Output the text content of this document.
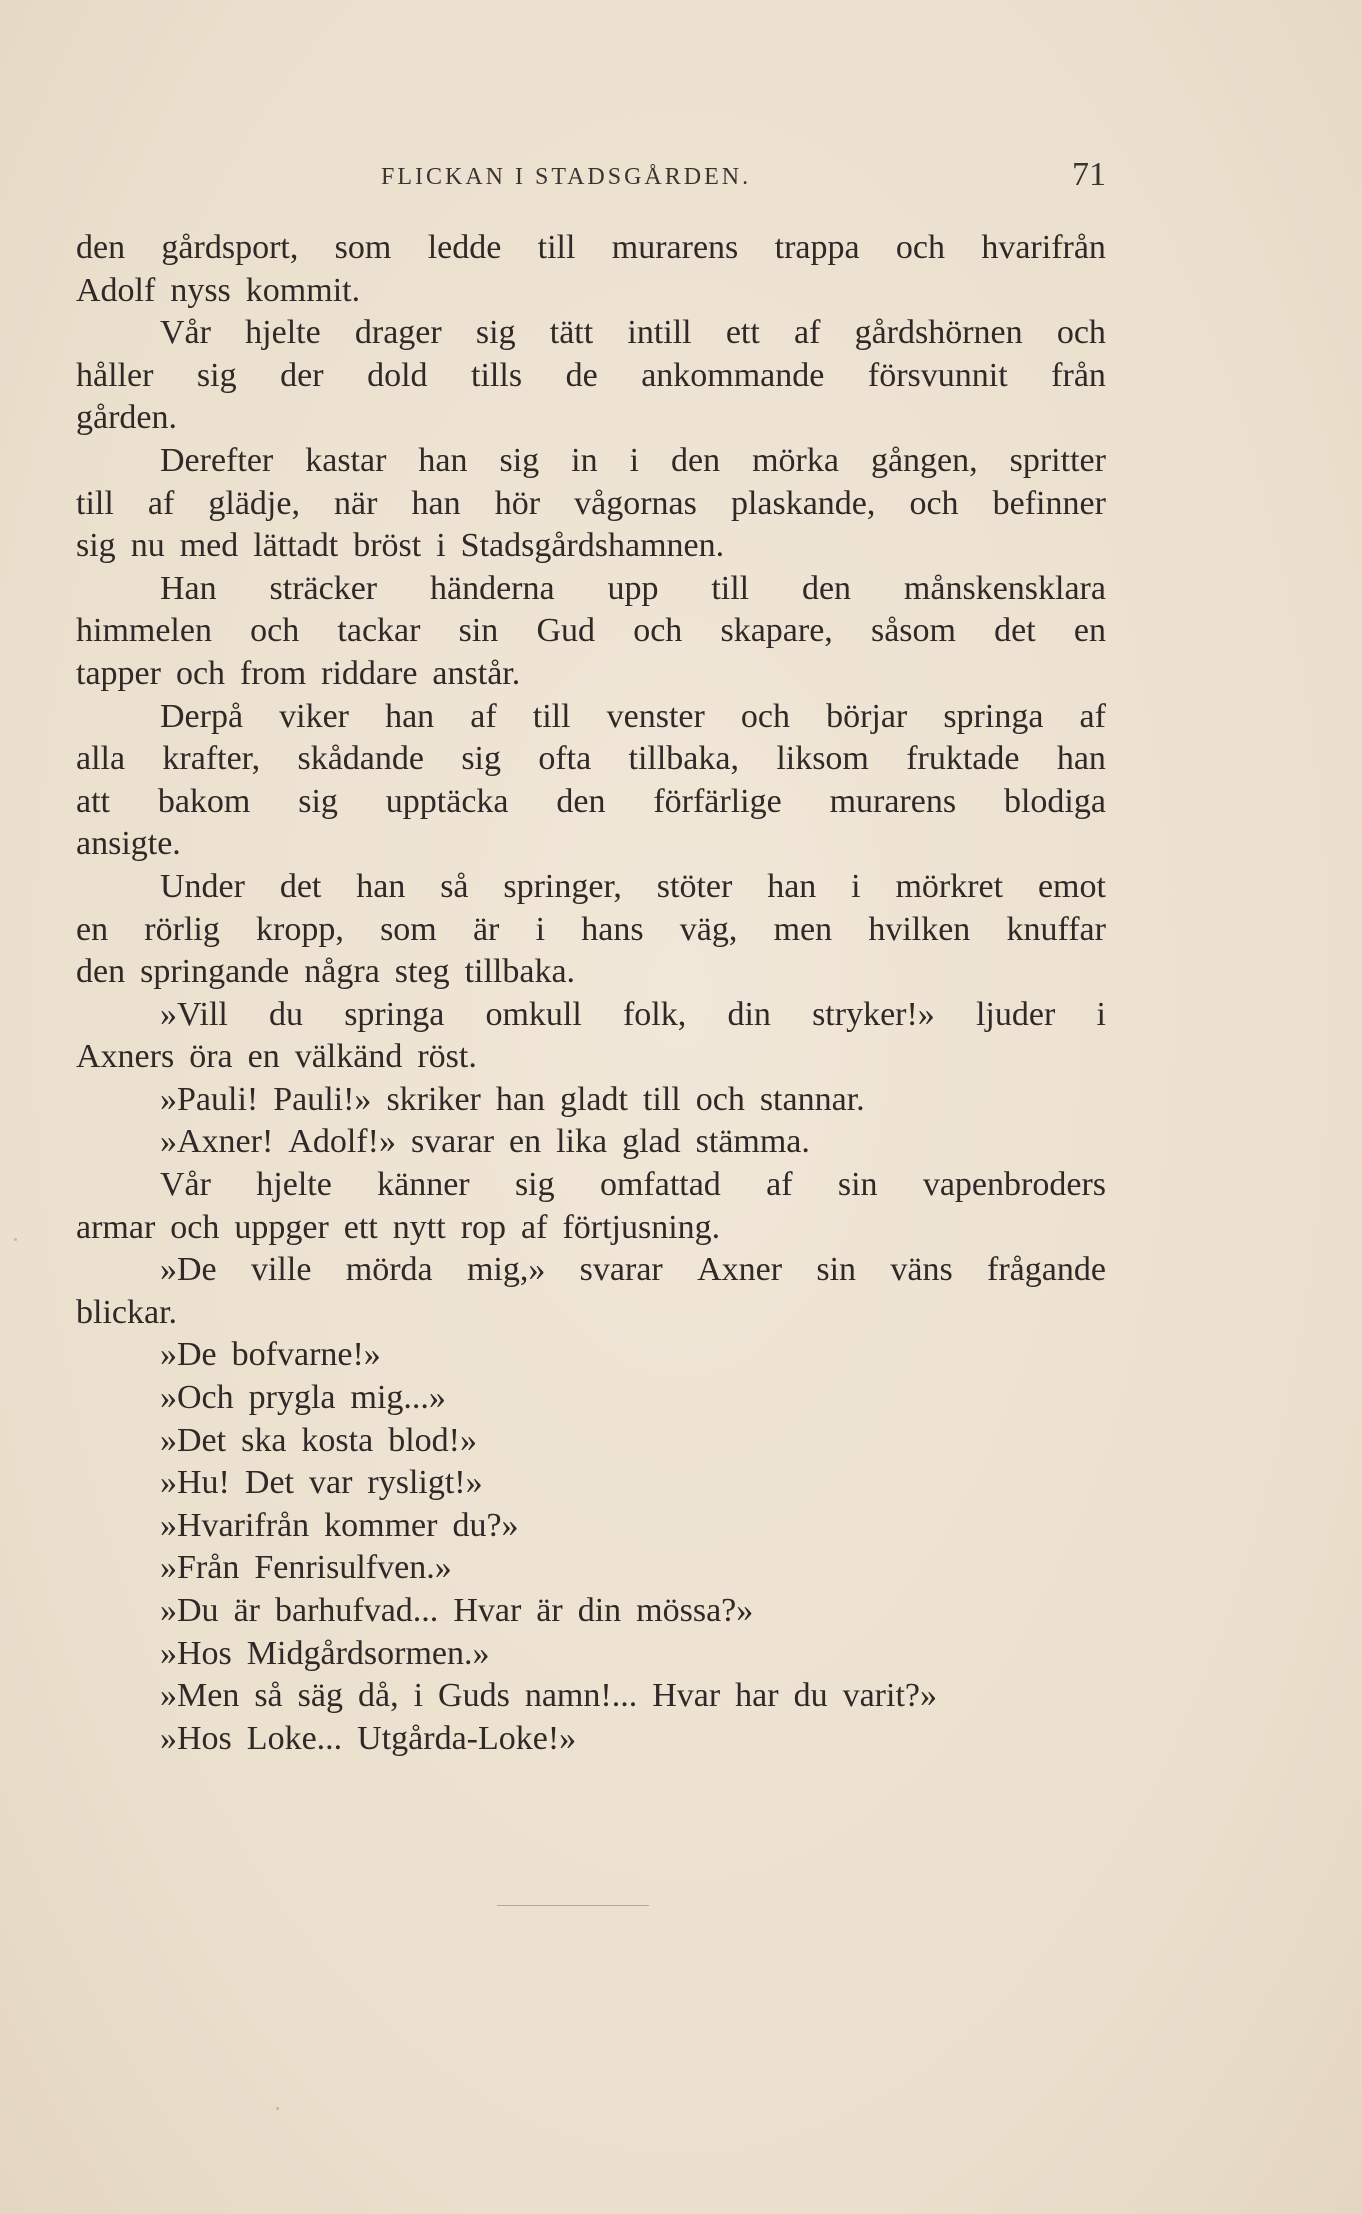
FLICKAN I STADSGÅRDEN.	71
den gårdsport, som ledde till murarens trappa och hvarifrån
Adolf nyss kommit.
Vår hjelte drager sig tätt intill ett af gårdshörnen och
håller sig der dold tills de ankommande försvunnit från
gården.
Derefter kastar han sig in i den mörka gången, spritter
till af glädje, när han hör vågornas plaskande, och befinner
sig nu med lättadt bröst i Stadsgårdshamnen.
Han sträcker händerna upp till den månskensklara
himmelen och tackar sin Gud och skapare, såsom det en
tapper och from riddare anstår.
Derpå viker han af till venster och börjar springa af
alla krafter, skådande sig ofta tillbaka, liksom fruktade han
att bakom sig upptäcka den förfärlige murarens blodiga
ansigte.
Under det han så springer, stöter han i mörkret emot
en rörlig kropp, som är i hans väg, men hvilken knuffar
den springande några steg tillbaka.
»Vill du springa omkull folk, din stryker!» ljuder i
Axners öra en välkänd röst.
»Pauli! Pauli!» skriker han gladt till och stannar.
»Axner! Adolf!» svarar en lika glad stämma.
Vår hjelte känner sig omfattad af sin vapenbroders
armar och uppger ett nytt rop af förtjusning.
»De ville mörda mig,» svarar Axner sin väns frågande
blickar.
»De bofvarne!»
»Och prygla mig...»
»Det ska kosta blod!»
»Hu! Det var rysligt!»
»Hvarifrån kommer du?»
»Från Fenrisulfven.»
»Du är barhufvad... Hvar är din mössa?»
»Hos Midgårdsormen.»
»Men så säg då, i Guds namn!... Hvar har du varit?»
»Hos Loke... Utgårda-Loke!»
